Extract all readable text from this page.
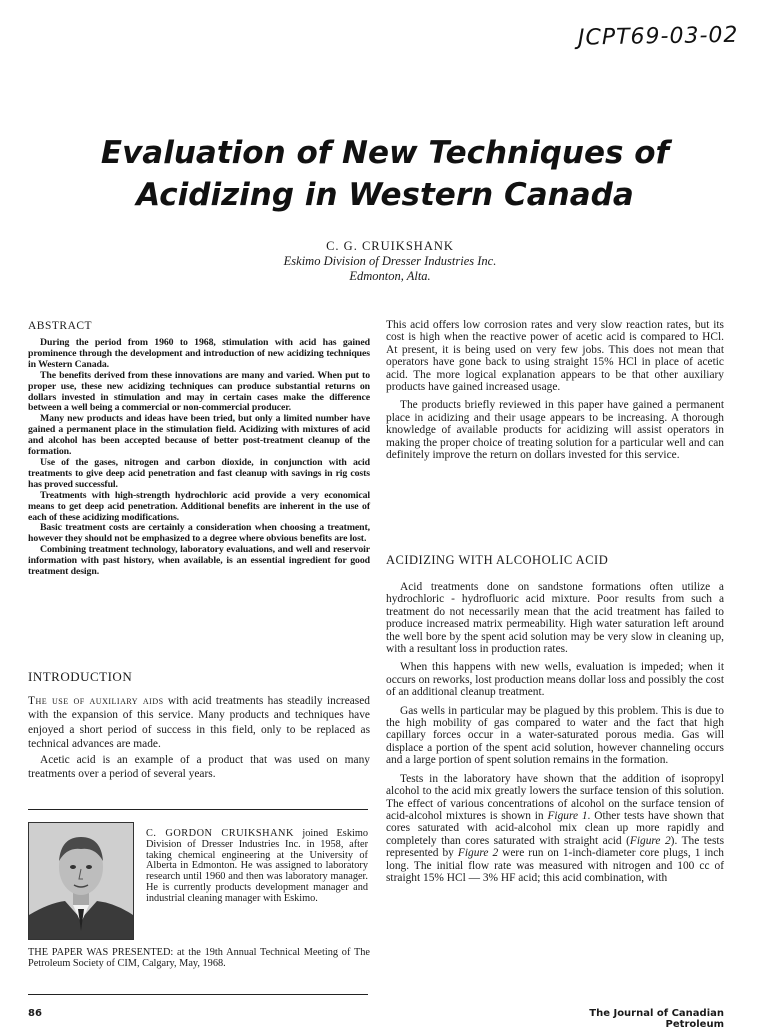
JCPT69-03-02
Evaluation of New Techniques of
Acidizing in Western Canada
C. G. CRUIKSHANK
Eskimo Division of Dresser Industries Inc.
Edmonton, Alta.
ABSTRACT

During the period from 1960 to 1968, stimulation with acid has gained prominence through the development and introduction of new acidizing techniques in Western Canada.

The benefits derived from these innovations are many and varied. When put to proper use, these new acidizing techniques can produce substantial returns on dollars invested in stimulation and may in certain cases make the difference between a well being a commercial or non-commercial producer.

Many new products and ideas have been tried, but only a limited number have gained a permanent place in the stimulation field. Acidizing with mixtures of acid and alcohol has been accepted because of better post-treatment cleanup of the formation.

Use of the gases, nitrogen and carbon dioxide, in conjunction with acid treatments to give deep acid penetration and fast cleanup with savings in rig costs has proved successful.

Treatments with high-strength hydrochloric acid provide a very economical means to get deep acid penetration. Additional benefits are inherent in the use of each of these acidizing modifications.

Basic treatment costs are certainly a consideration when choosing a treatment, however they should not be emphasized to a degree where obvious benefits are lost.

Combining treatment technology, laboratory evaluations, and well and reservoir information with past history, when available, is an essential ingredient for good treatment design.

INTRODUCTION

The use of auxiliary aids with acid treatments has steadily increased with the expansion of this service. Many products and techniques have enjoyed a short period of success in this field, only to be replaced as technical advances are made.

Acetic acid is an example of a product that was used on many treatments over a period of several years.

C. GORDON CRUIKSHANK joined Eskimo Division of Dresser Industries Inc. in 1958, after taking chemical engineering at the University of Alberta in Edmonton. He was assigned to laboratory research until 1960 and then was laboratory manager. He is currently products development manager and industrial cleaning manager with Eskimo.
THE PAPER WAS PRESENTED: at the 19th Annual Technical Meeting of The Petroleum Society of CIM, Calgary, May, 1968.

This acid offers low corrosion rates and very slow reaction rates, but its cost is high when the reactive power of acetic acid is compared to HCl. At present, it is being used on very few jobs. This does not mean that operators have gone back to using straight 15% HCl in place of acetic acid. The more logical explanation appears to be that other auxiliary products have gained increased usage.

The products briefly reviewed in this paper have gained a permanent place in acidizing and their usage appears to be increasing. A thorough knowledge of available products for acidizing will assist operators in making the proper choice of treating solution for a particular well and can definitely improve the return on dollars invested for this service.

ACIDIZING WITH ALCOHOLIC ACID

Acid treatments done on sandstone formations often utilize a hydrochloric - hydrofluoric acid mixture. Poor results from such a treatment do not necessarily mean that the acid treatment has failed to produce increased matrix permeability. High water saturation left around the well bore by the spent acid solution may be very slow in cleaning up, with a resultant loss in production rates.

When this happens with new wells, evaluation is impeded; when it occurs on reworks, lost production means dollar loss and possibly the cost of an additional cleanup treatment.

Gas wells in particular may be plagued by this problem. This is due to the high mobility of gas compared to water and the fact that high capillary forces occur in a water-saturated porous media. Gas will displace a portion of the spent acid solution, however channeling occurs and a large portion of spent solution remains in the formation.

Tests in the laboratory have shown that the addition of isopropyl alcohol to the acid mix greatly lowers the surface tension of this solution. The effect of various concentrations of alcohol on the surface tension of acid-alcohol mixtures is shown in Figure 1. Other tests have shown that cores saturated with acid-alcohol mix clean up more rapidly and completely than cores saturated with straight acid (Figure 2). The tests represented by Figure 2 were run on 1-inch-diameter core plugs, 1 inch long. The initial flow rate was measured with nitrogen and 100 cc of straight 15% HCl — 3% HF acid; this acid combination, with

86	The Journal of Canadian Petroleum
